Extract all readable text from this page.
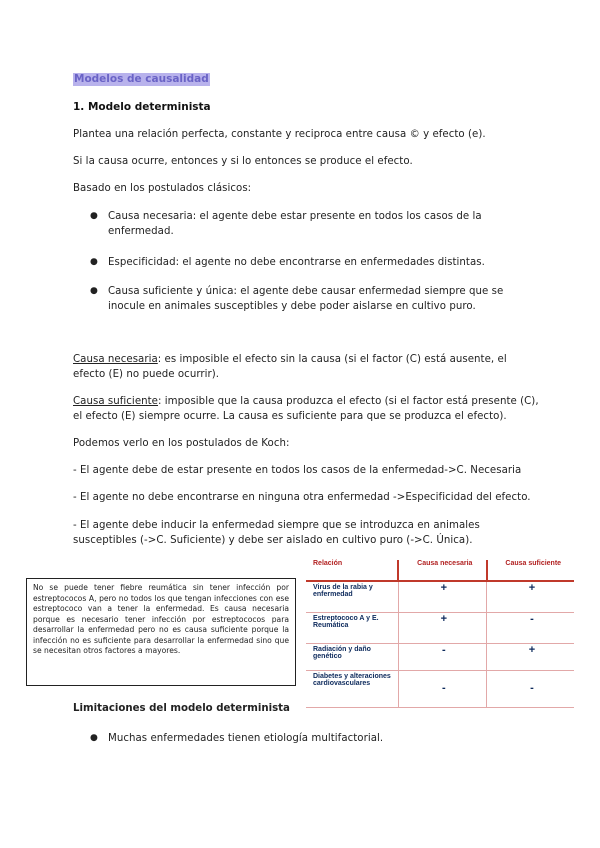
Modelos de causalidad
1. Modelo determinista
Plantea una relación perfecta, constante y reciproca entre causa © y efecto (e).
Si la causa ocurre, entonces y si lo entonces se produce el efecto.
Basado en los postulados clásicos:
● Causa necesaria: el agente debe estar presente en todos los casos de la
enfermedad.
● Especificidad: el agente no debe encontrarse en enfermedades distintas.
● Causa suficiente y única: el agente debe causar enfermedad siempre que se
inocule en animales susceptibles y debe poder aislarse en cultivo puro.
Causa necesaria: es imposible el efecto sin la causa (si el factor (C) está ausente, el
efecto (E) no puede ocurrir).
Causa suficiente: imposible que la causa produzca el efecto (si el factor está presente (C),
el efecto (E) siempre ocurre. La causa es suficiente para que se produzca el efecto).
Podemos verlo en los postulados de Koch:
- El agente debe de estar presente en todos los casos de la enfermedad->C. Necesaria
- El agente no debe encontrarse en ninguna otra enfermedad ->Especificidad del efecto.
- El agente debe inducir la enfermedad siempre que se introduzca en animales
susceptibles (->C. Suficiente) y debe ser aislado en cultivo puro (->C. Única).
No se puede tener fiebre reumática sin tener infección por estreptococos A, pero no todos los que tengan infecciones con ese estreptococo van a tener la enfermedad. Es causa necesaria porque es necesario tener infección por estreptococos para desarrollar la enfermedad pero no es causa suficiente porque la infección no es suficiente para desarrollar la enfermedad sino que se necesitan otros factores a mayores.
Relación	Causa necesaria	Causa suficiente
Virus de la rabia y enfermedad	+	+
Estreptococo A y E. Reumática	+	-
Radiación y daño genético	-	+
Diabetes y alteraciones cardiovasculares	-	-
Limitaciones del modelo determinista
● Muchas enfermedades tienen etiología multifactorial.
